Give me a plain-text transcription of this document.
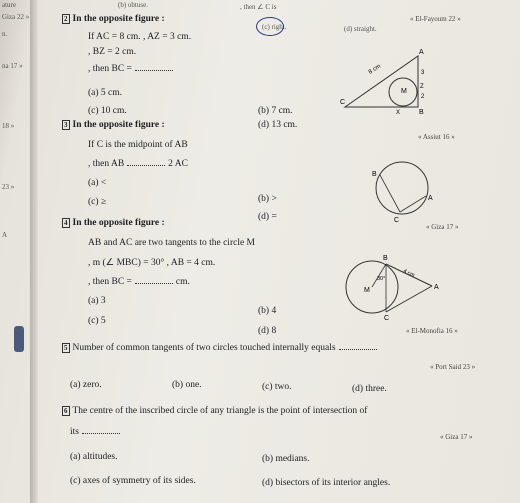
ature
Giza 22 »
n.
na 17 »
18 »
23 »
A
(b) obtuse.	, then ∠ C is
« El-Fayoum 22 »
2 In the opposite figure :
(c) right.	(d) straight.
If AC = 8 cm. , AZ = 3 cm.
, BZ = 2 cm.
, then BC =
(a) 5 cm.
(c) 10 cm.	(b) 7 cm.
C
A
B
M
8 cm	3
2
Z
X
3 In the opposite figure :	(d) 13 cm.
« Assiut 16 »
If C is the midpoint of AB
, then AB	2 AC
(a) <
(b) >
(c) ≥
(d) =
B
C
A
4 In the opposite figure :	« Giza 17 »
AB and AC are two tangents to the circle M
, m (∠ MBC) = 30° , AB = 4 cm.
, then BC =	cm.
(a) 3
(b) 4
(c) 5
(d) 8	« El-Monofia 16 »
B
A
C
M
30°
4 cm
5 Number of common tangents of two circles touched internally equals
« Port Said 23 »
(a) zero.	(b) one.	(c) two.	(d) three.
6 The centre of the inscribed circle of any triangle is the point of intersection of
its	« Giza 17 »
(a) altitudes.	(b) medians.
(c) axes of symmetry of its sides.	(d) bisectors of its interior angles.
